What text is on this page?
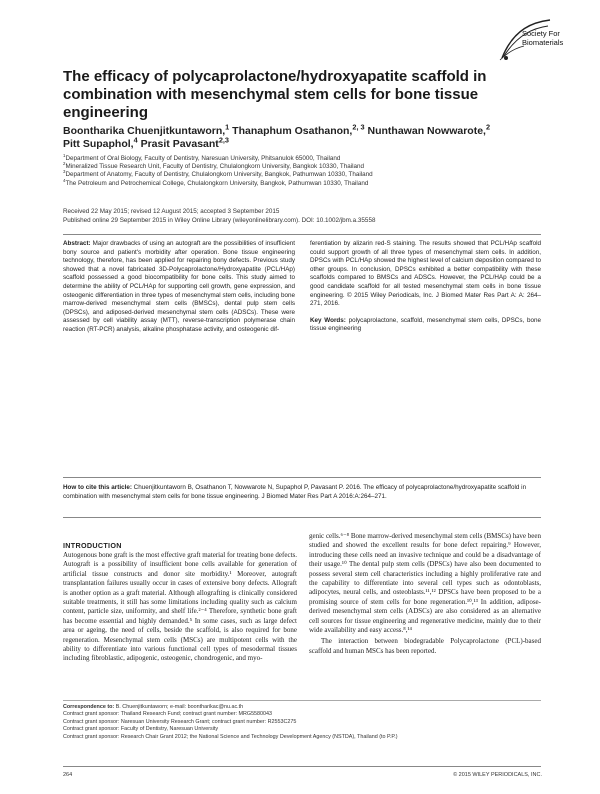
Society For
Biomaterials
The efficacy of polycaprolactone/hydroxyapatite scaffold in combination with mesenchymal stem cells for bone tissue engineering
Boontharika Chuenjitkuntaworn,$^1$ Thanaphum Osathanon,$^{2, 3}$ Nunthawan Nowwarote,$^2$
Pitt Supaphol,$^4$ Prasit Pavasant$^{2,3}$
$^1$Department of Oral Biology, Faculty of Dentistry, Naresuan University, Phitsanulok 65000, Thailand
$^2$Mineralized Tissue Research Unit, Faculty of Dentistry, Chulalongkorn University, Bangkok 10330, Thailand
$^3$Department of Anatomy, Faculty of Dentistry, Chulalongkorn University, Bangkok, Pathumwan 10330, Thailand
$^4$The Petroleum and Petrochemical College, Chulalongkorn University, Bangkok, Pathumwan 10330, Thailand
Received 22 May 2015; revised 12 August 2015; accepted 3 September 2015
Published online 29 September 2015 in Wiley Online Library (wileyonlinelibrary.com). DOI: 10.1002/jbm.a.35558
Abstract: Major drawbacks of using an autograft are the possibilities of insufficient bony source and patient's morbidity after operation. Bone tissue engineering technology, therefore, has been applied for repairing bony defects. Previous study showed that a novel fabricated 3D-Polycaprolactone/Hydroxyapatite (PCL/HAp) scaffold possessed a good biocompatibility for bone cells. This study aimed to determine the ability of PCL/HAp for supporting cell growth, gene expression, and osteogenic differentiation in three types of mesenchymal stem cells, including bone marrow-derived mesenchymal stem cells (BMSCs), dental pulp stem cells (DPSCs), and adiposed-derived mesenchymal stem cells (ADSCs). These were assessed by cell viability assay (MTT), reverse-transcription polymerase chain reaction (RT-PCR) analysis, alkaline phosphatase activity, and osteogenic dif-
ferentiation by alizarin red-S staining. The results showed that PCL/HAp scaffold could support growth of all three types of mesenchymal stem cells. In addition, DPSCs with PCL/HAp showed the highest level of calcium deposition compared to other groups. In conclusion, DPSCs exhibited a better compatibility with these scaffolds compared to BMSCs and ADSCs. However, the PCL/HAp could be a good candidate scaffold for all tested mesenchymal stem cells in bone tissue engineering. © 2015 Wiley Periodicals, Inc. J Biomed Mater Res Part A: A: 264–271, 2016.
Key Words: polycaprolactone, scaffold, mesenchymal stem cells, DPSCs, bone tissue engineering
How to cite this article: Chuenjitkuntaworn B, Osathanon T, Nowwarote N, Supaphol P, Pavasant P. 2016. The efficacy of polycaprolactone/hydroxyapatite scaffold in combination with mesenchymal stem cells for bone tissue engineering. J Biomed Mater Res Part A 2016:A:264–271.
INTRODUCTION
Autogenous bone graft is the most effective graft material for treating bone defects. Autograft is a possibility of insufficient bone cells available for generation of artificial tissue constructs and donor site morbidity.¹ Moreover, autograft transplantation failures usually occur in cases of extensive bony defects. Allograft is another option as a graft material. Although allografting is clinically considered suitable treatments, it still has some limitations including quality such as calcium content, particle size, uniformity, and shelf life.²⁻⁴ Therefore, synthetic bone graft has become essential and highly demanded.⁵ In some cases, such as large defect area or ageing, the need of cells, beside the scaffold, is also required for bone regeneration. Mesenchymal stem cells (MSCs) are multipotent cells with the ability to differentiate into various functional cell types of mesodermal tissues including fibroblastic, adipogenic, osteogenic, chondrogenic, and myo-
genic cells.⁶⁻⁸ Bone marrow-derived mesenchymal stem cells (BMSCs) have been studied and showed the excellent results for bone defect repairing.⁹ However, introducing these cells need an invasive technique and could be a disadvantage of their usage.¹⁰ The dental pulp stem cells (DPSCs) have also been documented to possess several stem cell characteristics including a highly proliferative rate and the capability to differentiate into several cell types such as odontoblasts, adipocytes, neural cells, and osteoblasts.¹¹,¹² DPSCs have been proposed to be a promising source of stem cells for bone regeneration.¹⁰,¹³ In addition, adipose-derived mesenchymal stem cells (ADSCs) are also considered as an alternative cell sources for tissue engineering and regenerative medicine, mainly due to their wide availability and easy access.⁸,¹⁴
The interaction between biodegradable Polycaprolactone (PCL)-based scaffold and human MSCs has been reported.
Correspondence to: B. Chuenjitkuntaworn; e-mail: boontharikac@nu.ac.th
Contract grant sponsor: Thailand Research Fund; contract grant number: MRG5580043
Contract grant sponsor: Naresuan University Research Grant; contract grant number: R2553C275
Contract grant sponsor: Faculty of Dentistry, Naresuan University
Contract grant sponsor: Research Chair Grant 2012; the National Science and Technology Development Agency (NSTDA), Thailand (to P.P.)
264	© 2015 WILEY PERIODICALS, INC.
